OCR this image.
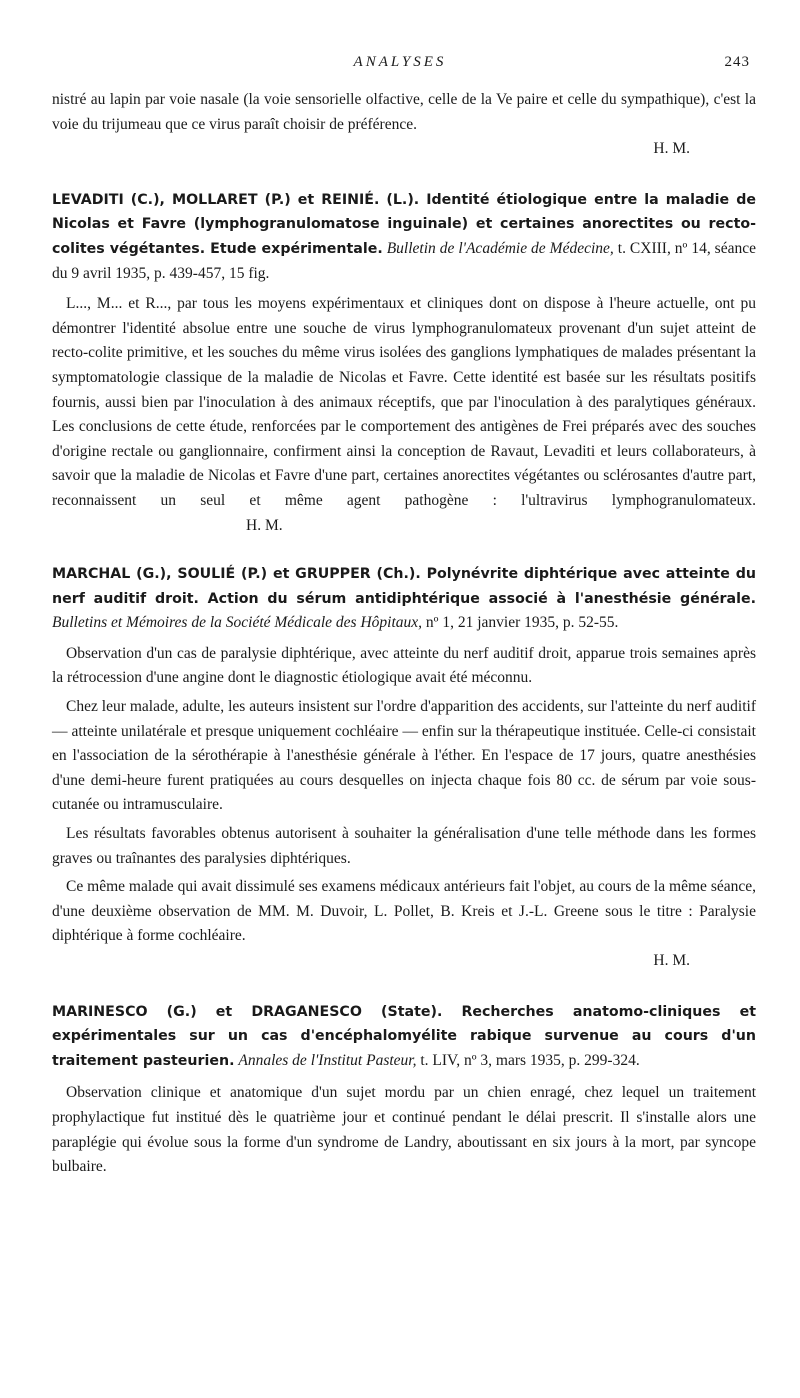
ANALYSES	243

nistré au lapin par voie nasale (la voie sensorielle olfactive, celle de la Ve paire et celle du sympathique), c'est la voie du trijumeau que ce virus paraît choisir de préférence.

H. M.

LEVADITI (C.), MOLLARET (P.) et REINIÉ. (L.). Identité étiologique entre la maladie de Nicolas et Favre (lymphogranulomatose inguinale) et certaines anorectites ou recto-colites végétantes. Etude expérimentale. Bulletin de l'Académie de Médecine, t. CXIII, nº 14, séance du 9 avril 1935, p. 439-457, 15 fig.

L..., M... et R..., par tous les moyens expérimentaux et cliniques dont on dispose à l'heure actuelle, ont pu démontrer l'identité absolue entre une souche de virus lymphogranulomateux provenant d'un sujet atteint de recto-colite primitive, et les souches du même virus isolées des ganglions lymphatiques de malades présentant la symptomatologie classique de la maladie de Nicolas et Favre. Cette identité est basée sur les résultats positifs fournis, aussi bien par l'inoculation à des animaux réceptifs, que par l'inoculation à des paralytiques généraux. Les conclusions de cette étude, renforcées par le comportement des antigènes de Frei préparés avec des souches d'origine rectale ou ganglionnaire, confirment ainsi la conception de Ravaut, Levaditi et leurs collaborateurs, à savoir que la maladie de Nicolas et Favre d'une part, certaines anorectites végétantes ou sclérosantes d'autre part, reconnaissent un seul et même agent pathogène : l'ultravirus lymphogranulomateux. H. M.

MARCHAL (G.), SOULIÉ (P.) et GRUPPER (Ch.). Polynévrite diphtérique avec atteinte du nerf auditif droit. Action du sérum antidiphtérique associé à l'anesthésie générale. Bulletins et Mémoires de la Société Médicale des Hôpitaux, nº 1, 21 janvier 1935, p. 52-55.

Observation d'un cas de paralysie diphtérique, avec atteinte du nerf auditif droit, apparue trois semaines après la rétrocession d'une angine dont le diagnostic étiologique avait été méconnu.

Chez leur malade, adulte, les auteurs insistent sur l'ordre d'apparition des accidents, sur l'atteinte du nerf auditif — atteinte unilatérale et presque uniquement cochléaire — enfin sur la thérapeutique instituée. Celle-ci consistait en l'association de la sérothérapie à l'anesthésie générale à l'éther. En l'espace de 17 jours, quatre anesthésies d'une demi-heure furent pratiquées au cours desquelles on injecta chaque fois 80 cc. de sérum par voie sous-cutanée ou intramusculaire.

Les résultats favorables obtenus autorisent à souhaiter la généralisation d'une telle méthode dans les formes graves ou traînantes des paralysies diphtériques.

Ce même malade qui avait dissimulé ses examens médicaux antérieurs fait l'objet, au cours de la même séance, d'une deuxième observation de MM. M. Duvoir, L. Pollet, B. Kreis et J.-L. Greene sous le titre : Paralysie diphtérique à forme cochléaire.

H. M.

MARINESCO (G.) et DRAGANESCO (State). Recherches anatomo-cliniques et expérimentales sur un cas d'encéphalomyélite rabique survenue au cours d'un traitement pasteurien. Annales de l'Institut Pasteur, t. LIV, nº 3, mars 1935, p. 299-324.

Observation clinique et anatomique d'un sujet mordu par un chien enragé, chez lequel un traitement prophylactique fut institué dès le quatrième jour et continué pendant le délai prescrit. Il s'installe alors une paraplégie qui évolue sous la forme d'un syndrome de Landry, aboutissant en six jours à la mort, par syncope bulbaire.
